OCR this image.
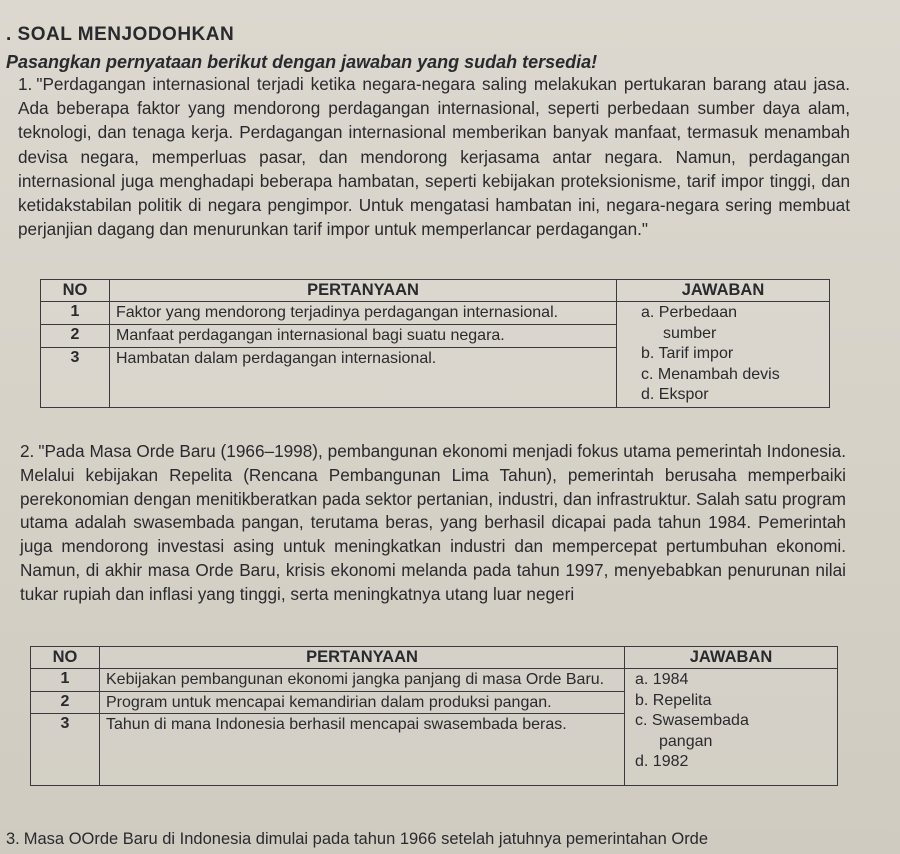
. SOAL MENJODOHKAN
Pasangkan pernyataan berikut dengan jawaban yang sudah tersedia!
1. "Perdagangan internasional terjadi ketika negara-negara saling melakukan pertukaran barang atau jasa. Ada beberapa faktor yang mendorong perdagangan internasional, seperti perbedaan sumber daya alam, teknologi, dan tenaga kerja. Perdagangan internasional memberikan banyak manfaat, termasuk menambah devisa negara, memperluas pasar, dan mendorong kerjasama antar negara. Namun, perdagangan internasional juga menghadapi beberapa hambatan, seperti kebijakan proteksionisme, tarif impor tinggi, dan ketidakstabilan politik di negara pengimpor. Untuk mengatasi hambatan ini, negara-negara sering membuat perjanjian dagang dan menurunkan tarif impor untuk memperlancar perdagangan."
NO	PERTANYAAN	JAWABAN
1	Faktor yang mendorong terjadinya perdagangan internasional.	a. Perbedaan
sumber
b. Tarif impor
c. Menambah devis
d. Ekspor

2	Manfaat perdagangan internasional bagi suatu negara.	
3	Hambatan dalam perdagangan internasional.	
2. "Pada Masa Orde Baru (1966–1998), pembangunan ekonomi menjadi fokus utama pemerintah Indonesia. Melalui kebijakan Repelita (Rencana Pembangunan Lima Tahun), pemerintah berusaha memperbaiki perekonomian dengan menitikberatkan pada sektor pertanian, industri, dan infrastruktur. Salah satu program utama adalah swasembada pangan, terutama beras, yang berhasil dicapai pada tahun 1984. Pemerintah juga mendorong investasi asing untuk meningkatkan industri dan mempercepat pertumbuhan ekonomi. Namun, di akhir masa Orde Baru, krisis ekonomi melanda pada tahun 1997, menyebabkan penurunan nilai tukar rupiah dan inflasi yang tinggi, serta meningkatnya utang luar negeri
NO	PERTANYAAN	JAWABAN
1	Kebijakan pembangunan ekonomi jangka panjang di masa Orde Baru.	a. 1984
b. Repelita
c. Swasembada
pangan
d. 1982

2	Program untuk mencapai kemandirian dalam produksi pangan.	
3	Tahun di mana Indonesia berhasil mencapai swasembada beras.	
3. Masa OOrde Baru di Indonesia dimulai pada tahun 1966 setelah jatuhnya pemerintahan Orde
